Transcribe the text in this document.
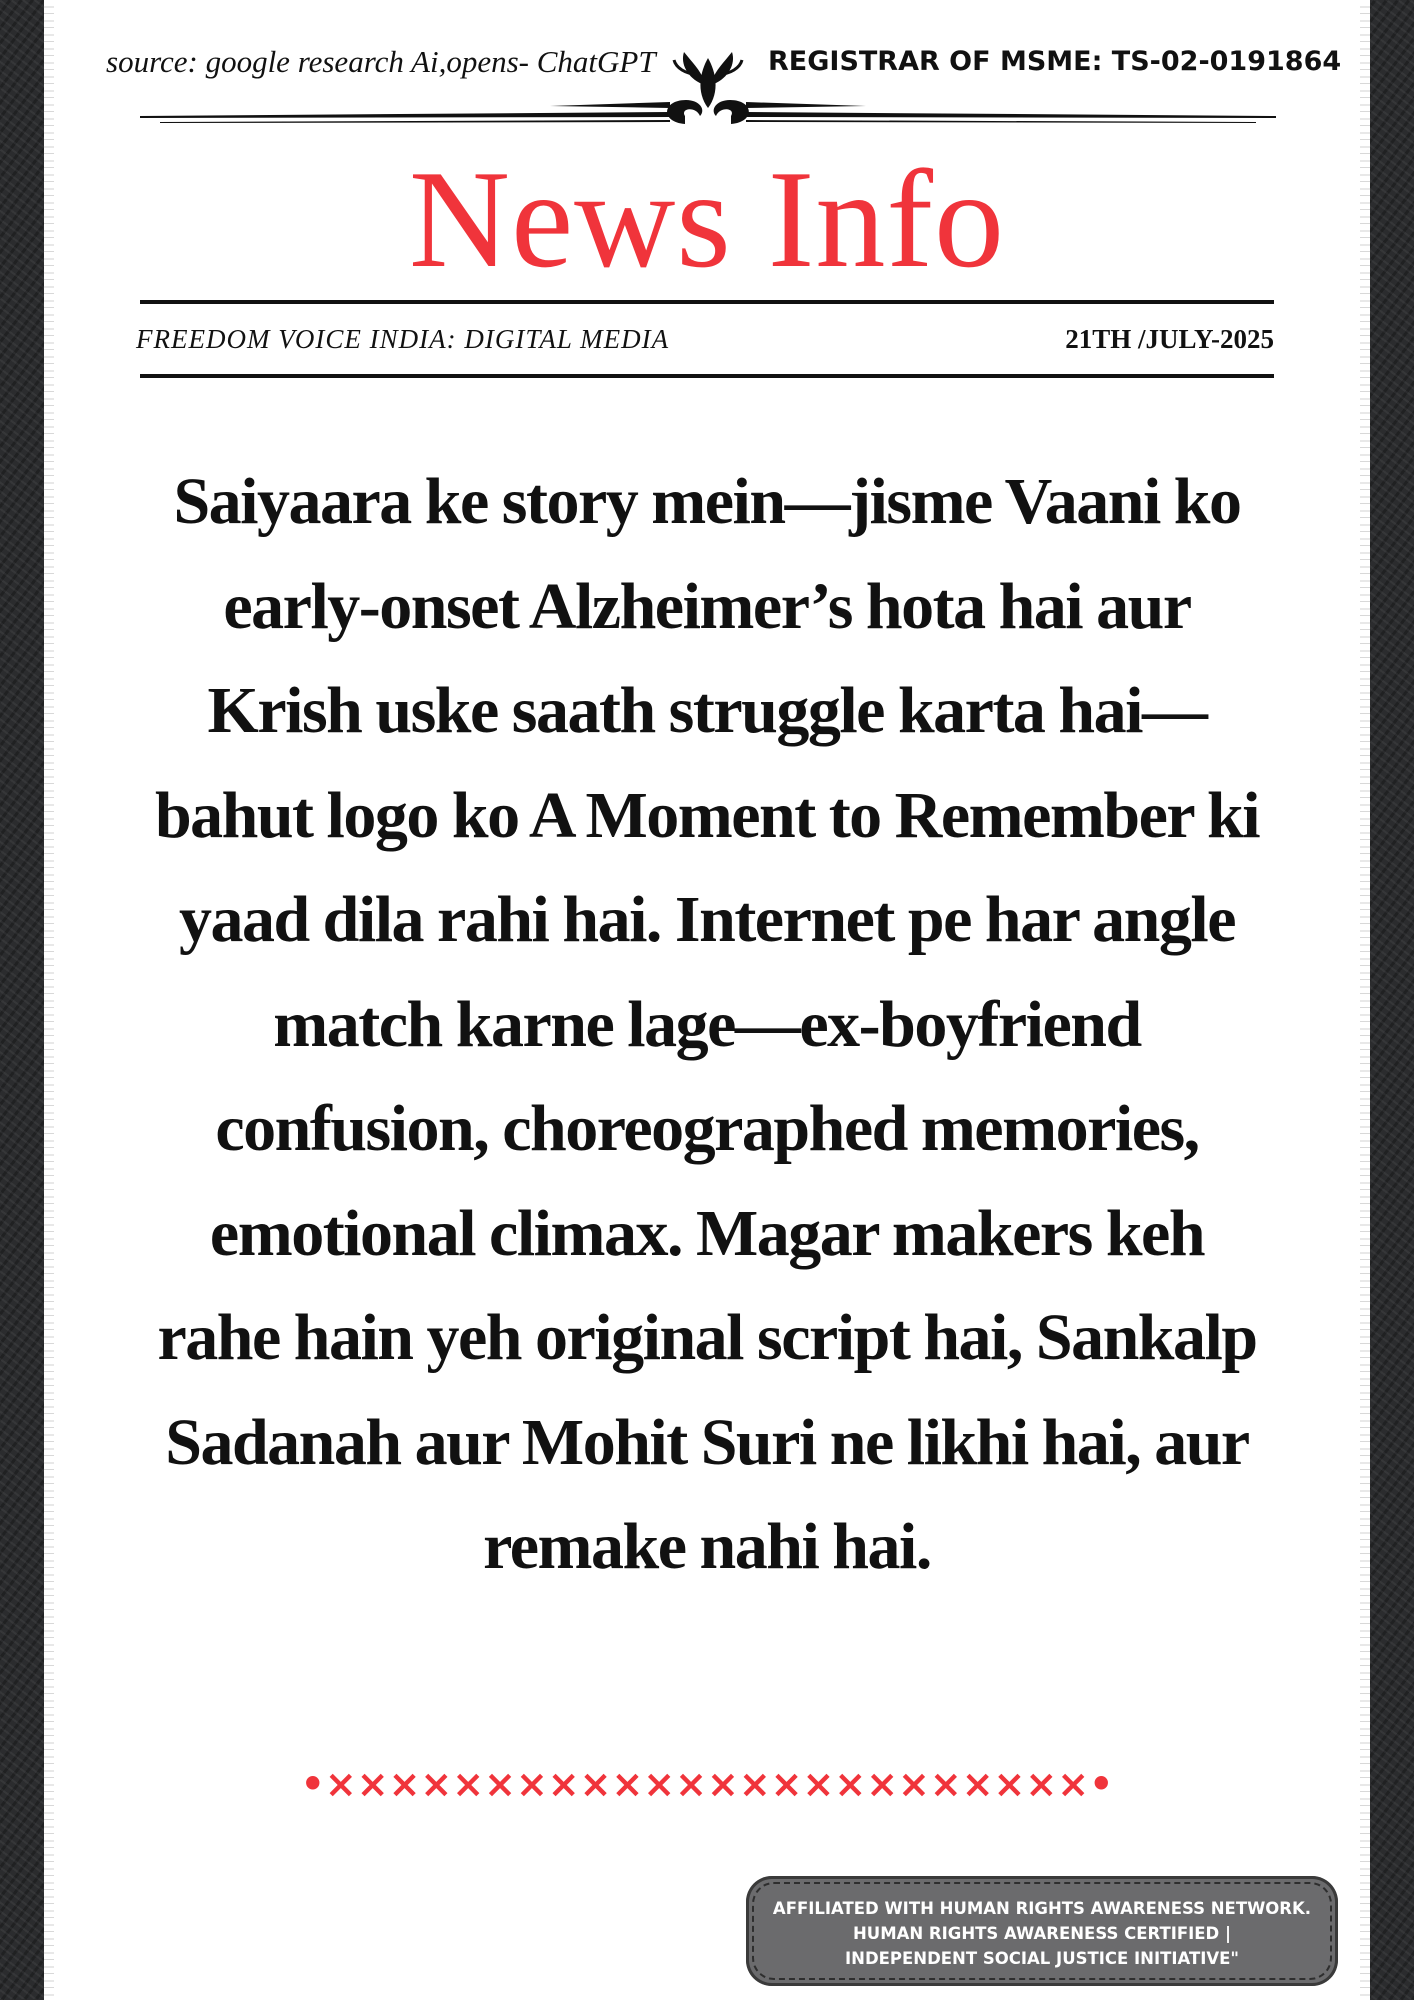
source: google research Ai,opens- ChatGPT	REGISTRAR OF MSME: TS-02-0191864
News Info
FREEDOM VOICE INDIA: DIGITAL MEDIA	21TH /JULY-2025

Saiyaara ke story mein—jisme Vaani ko early-onset Alzheimer’s hota hai aur Krish uske saath struggle karta hai—bahut logo ko A Moment to Remember ki yaad dila rahi hai. Internet pe har angle match karne lage—ex-boyfriend confusion, choreographed memories, emotional climax. Magar makers keh rahe hain yeh original script hai, Sankalp Sadanah aur Mohit Suri ne likhi hai, aur remake nahi hai.

•××××××××××××××××××××××××•
AFFILIATED WITH HUMAN RIGHTS AWARENESS NETWORK.
HUMAN RIGHTS AWARENESS CERTIFIED |
INDEPENDENT SOCIAL JUSTICE INITIATIVE"
